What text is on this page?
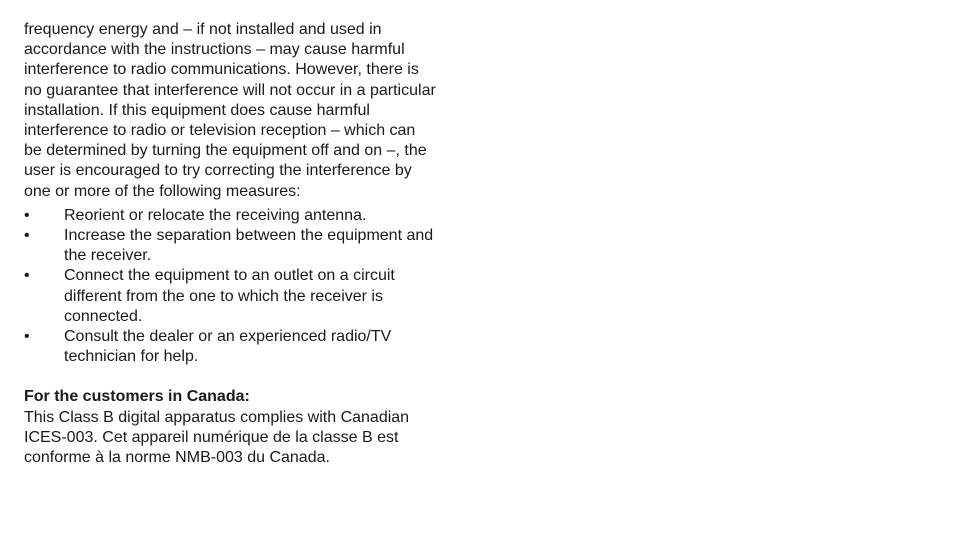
frequency energy and – if not installed and used in
accordance with the instructions – may cause harmful
interference to radio communications. However, there is
no guarantee that interference will not occur in a particular
installation. If this equipment does cause harmful
interference to radio or television reception – which can
be determined by turning the equipment off and on –, the
user is encouraged to try correcting the interference by
one or more of the following measures:
• Reorient or relocate the receiving antenna.
• Increase the separation between the equipment and
the receiver.
• Connect the equipment to an outlet on a circuit
different from the one to which the receiver is
connected.
• Consult the dealer or an experienced radio/TV
technician for help.
For the customers in Canada:
This Class B digital apparatus complies with Canadian
ICES-003. Cet appareil numérique de la classe B est
conforme à la norme NMB-003 du Canada.
